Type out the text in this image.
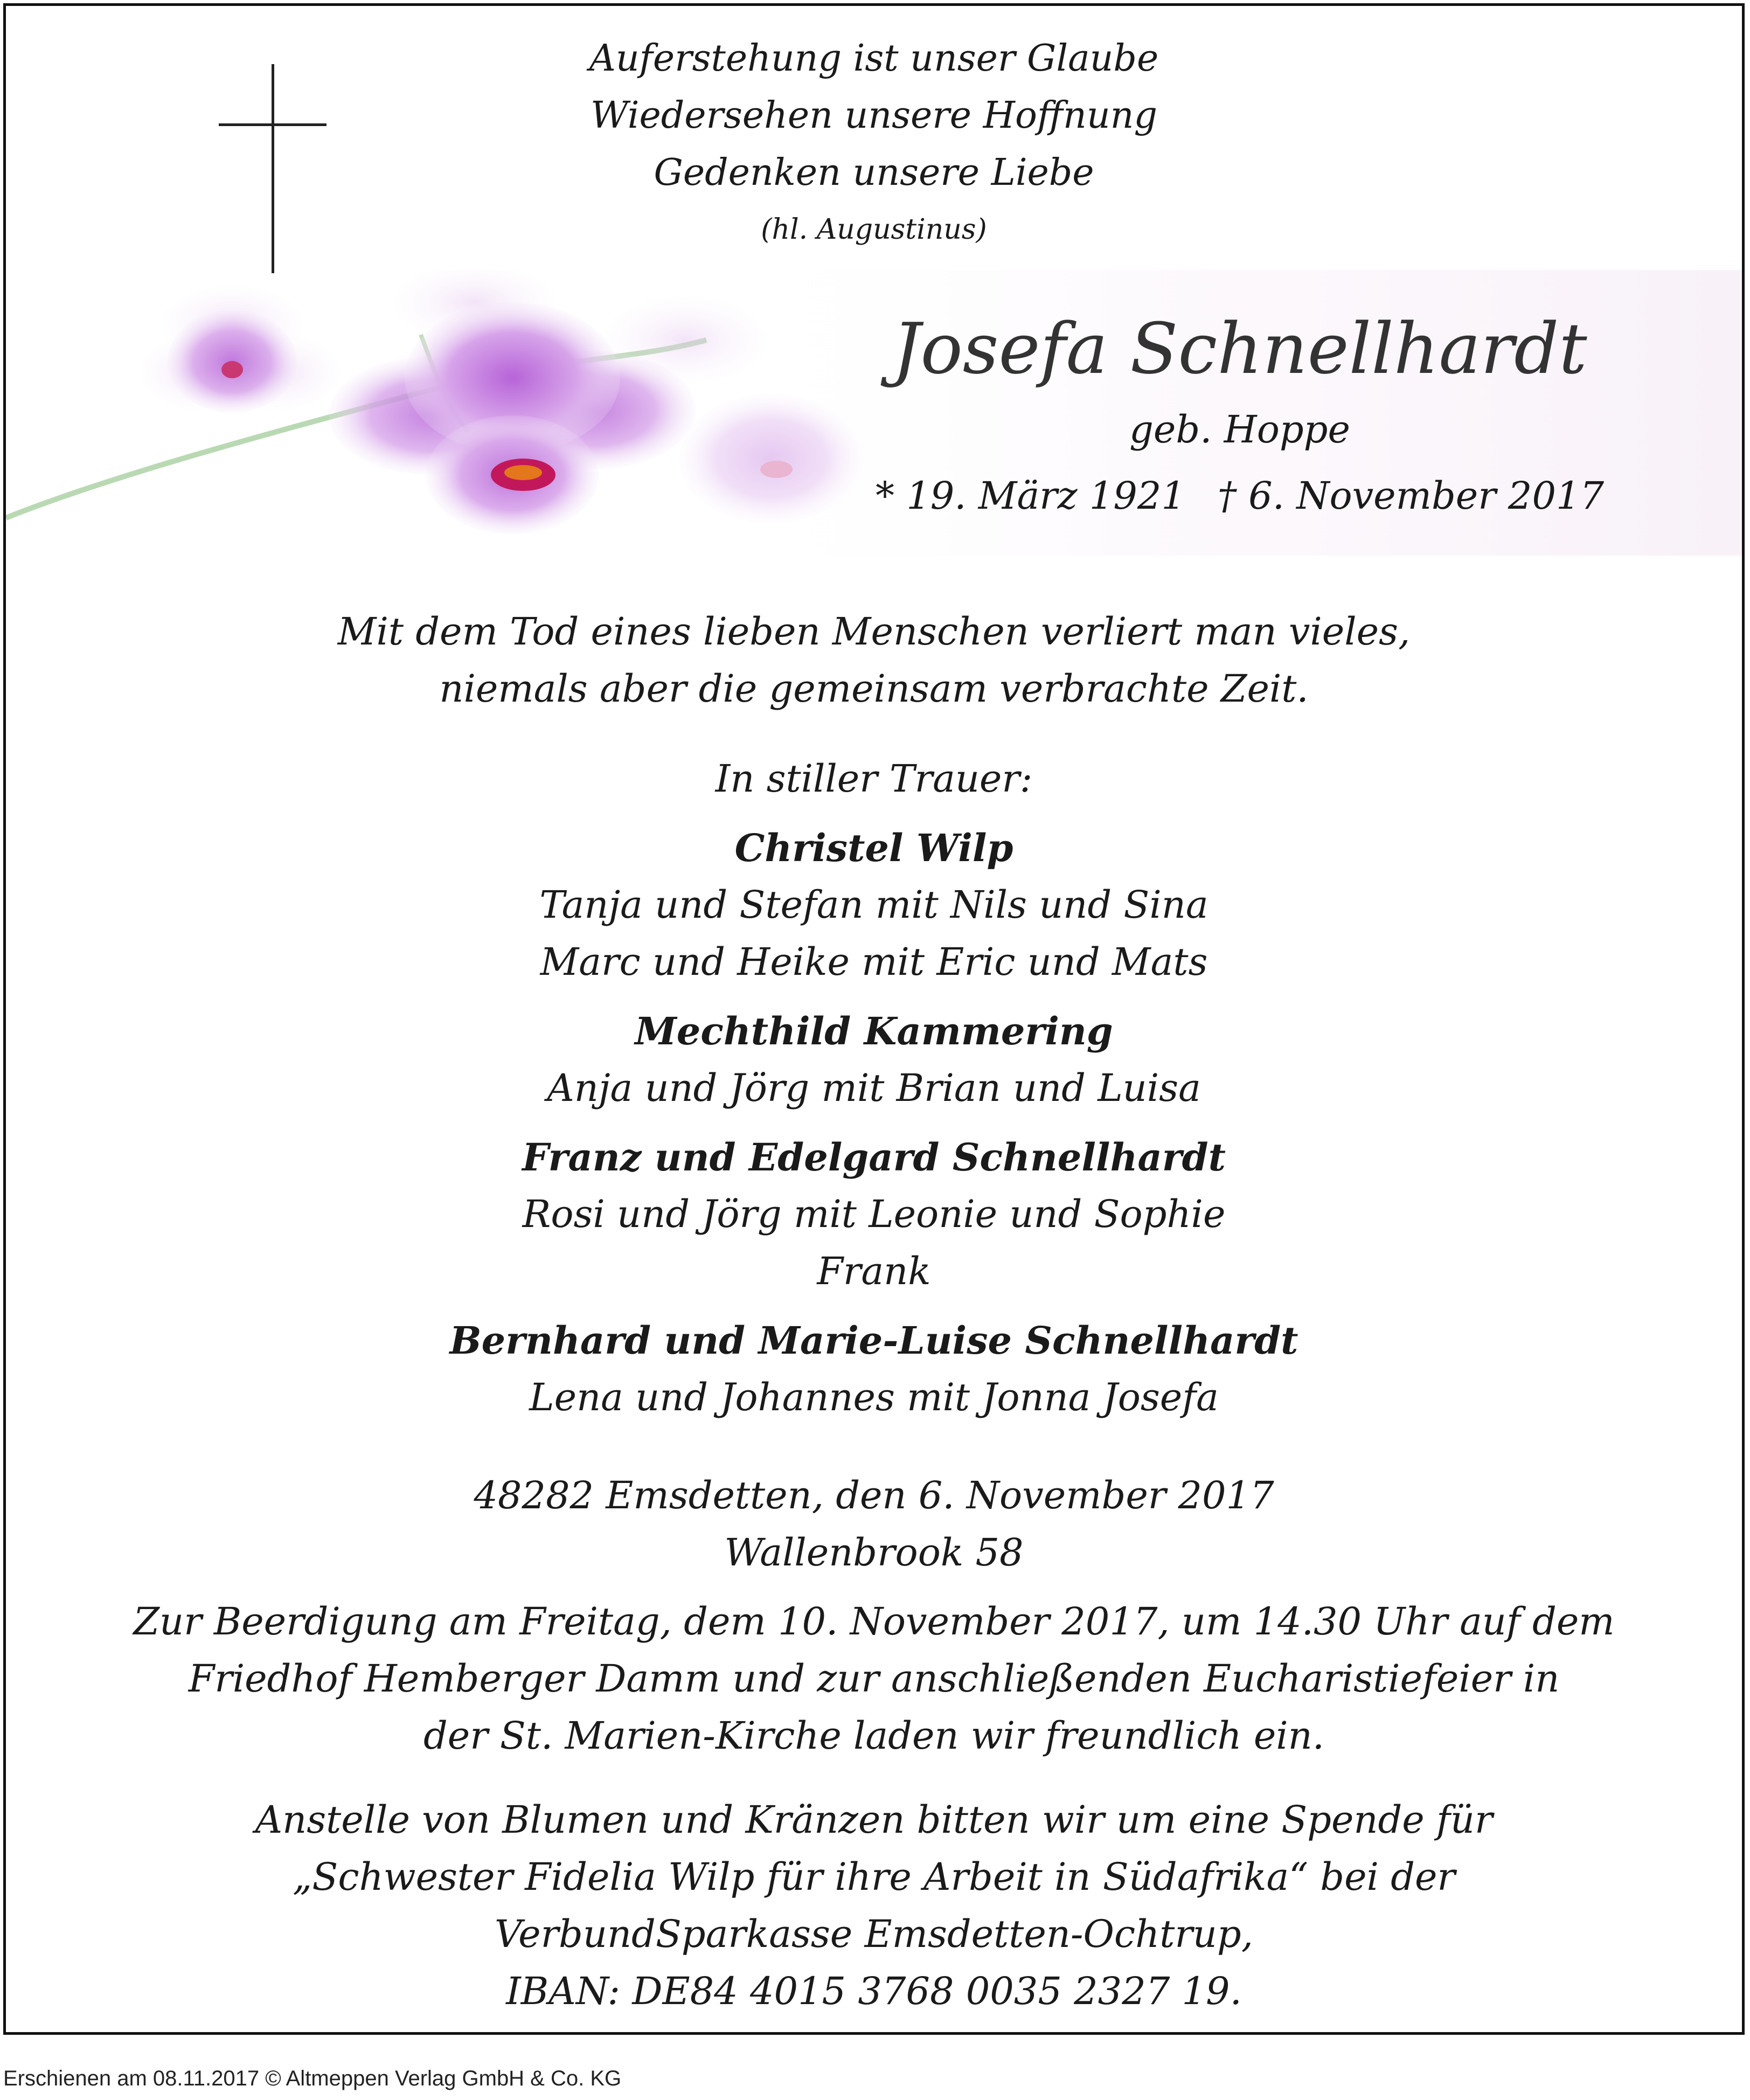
Auferstehung ist unser Glaube
Wiedersehen unsere Hoffnung
Gedenken unsere Liebe
(hl. Augustinus)
Josefa Schnellhardt
geb. Hoppe
* 19. März 1921 † 6. November 2017
Mit dem Tod eines lieben Menschen verliert man vieles,
niemals aber die gemeinsam verbrachte Zeit.
In stiller Trauer:
Christel Wilp
Tanja und Stefan mit Nils und Sina
Marc und Heike mit Eric und Mats
Mechthild Kammering
Anja und Jörg mit Brian und Luisa
Franz und Edelgard Schnellhardt
Rosi und Jörg mit Leonie und Sophie
Frank
Bernhard und Marie-Luise Schnellhardt
Lena und Johannes mit Jonna Josefa
48282 Emsdetten, den 6. November 2017
Wallenbrook 58
Zur Beerdigung am Freitag, dem 10. November 2017, um 14.30 Uhr auf dem
Friedhof Hemberger Damm und zur anschließenden Eucharistiefeier in
der St. Marien-Kirche laden wir freundlich ein.
Anstelle von Blumen und Kränzen bitten wir um eine Spende für
„Schwester Fidelia Wilp für ihre Arbeit in Südafrika“ bei der
VerbundSparkasse Emsdetten-Ochtrup,
IBAN: DE84 4015 3768 0035 2327 19.
Erschienen am 08.11.2017 © Altmeppen Verlag GmbH & Co. KG
